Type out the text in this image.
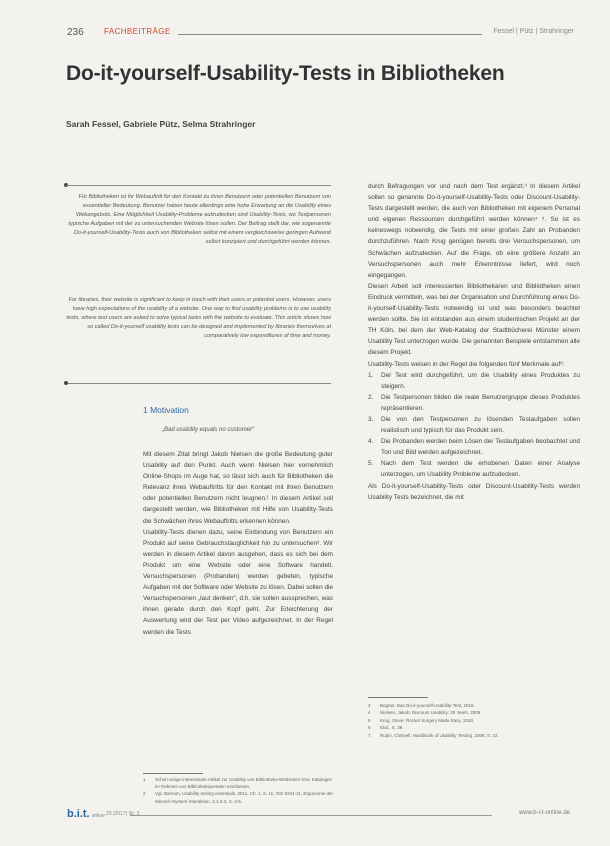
236	FACHBEITRÄGE	Fessel | Pütz | Strahringer
Do-it-yourself-Usability-Tests in Bibliotheken
Sarah Fessel, Gabriele Pütz, Selma Strahringer

Für Bibliotheken ist ihr Webauftritt für den Kontakt zu ihren Benutzern oder potentiellen Benutzern von essentieller Bedeutung. Benutzer haben heute allerdings eine hohe Erwartung an die Usability eines Webangebots. Eine Möglichkeit Usability-Probleme aufzudecken sind Usability-Tests, wo Testpersonen typische Aufgaben mit der zu untersuchenden Website lösen sollen. Der Beitrag stellt dar, wie sogenannte Do-it-yourself-Usability-Tests auch von Bibliotheken selbst mit einem vergleichsweise geringen Aufwand selbst konzipiert und durchgeführt werden können.

For libraries, their website is significant to keep in touch with their users or potential users. However, users have high expectations of the usability of a website. One way to find usability problems is to use usability tests, where test users are asked to solve typical tasks with the website to evaluate. This article shows how so called Do-it-yourself usability tests can be designed and implemented by libraries themselves at comparatively low expenditures of time and money.

1 Motivation
„Bad usability equals no customer“

Mit diesem Zitat bringt Jakob Nielsen die große Bedeutung guter Usability auf den Punkt. Auch wenn Nielsen hier vornehmlich Online-Shops im Auge hat, so lässt sich auch für Bibliotheken die Relevanz ihres Webauftritts für den Kontakt mit ihren Benutzern oder potentiellen Benutzern nicht leugnen.¹ In diesem Artikel soll dargestellt werden, wie Bibliotheken mit Hilfe von Usability-Tests die Schwächen ihres Webauftritts erkennen können.

Usability-Tests dienen dazu, seine Einbindung von Benutzern ein Produkt auf seine Gebrauchstauglichkeit hin zu untersuchen². Wir werden in diesem Artikel davon ausgehen, dass es sich bei dem Produkt um eine Website oder eine Software handelt. Versuchspersonen (Probanden) werden gebeten, typische Aufgaben mit der Software oder Website zu lösen. Dabei sollen die Versuchspersonen „laut denken“, d.h. sie sollen aussprechen, was ihnen gerade durch den Kopf geht. Zur Erleichterung der Auswertung wird der Test per Video aufgezeichnet. In der Regel werden die Tests

durch Befragungen vor und nach dem Test ergänzt.³ In diesem Artikel sollen so genannte Do-it-yourself-Usability-Tests oder Discount-Usability-Tests dargestellt werden, die auch von Bibliotheken mit eigenem Personal und eigenen Ressourcen durchgeführt werden können⁴ ⁵. So ist es keineswegs notwendig, die Tests mit einer großen Zahl an Probanden durchzuführen. Nach Krug genügen bereits drei Versuchspersonen, um Schwächen aufzudecken. Auf die Frage, ob eine größere Anzahl an Versuchspersonen auch mehr Erkenntnisse liefert, wird noch eingegangen.

Diesen Arbeit soll interessierten Bibliothekaren und Bibliotheken einen Eindruck vermitteln, was bei der Organisation und Durchführung eines Do-it-yourself-Usability-Tests notwendig ist und was besonders beachtet werden sollte. Sie ist entstanden aus einem studentischen Projekt an der TH Köln, bei dem der Web-Katalog der Stadtbücherei Münster einem Usability Test unterzogen wurde. Die genannten Beispiele entstammen alle diesem Projekt.

Usability-Tests weisen in der Regel die folgenden fünf Merkmale auf⁶:

1.	Der Test wird durchgeführt, um die Usability eines Produktes zu steigern.
2.	Die Testpersonen bilden die reale Benutzergruppe dieses Produktes repräsentieren.
3.	Die von den Testpersonen zu lösenden Testaufgaben sollen realistisch und typisch für das Produkt sein.
4.	Die Probanden werden beim Lösen der Testaufgaben beobachtet und Ton und Bild werden aufgezeichnet.
5.	Nach dem Test werden die erhobenen Daten einer Analyse unterzogen, um Usability Probleme aufzudecken.

Als Do-it-yourself-Usability-Tests oder Discount-Usability-Tests werden Usability Tests bezeichnet, die mit

1	Schon einige interessante Artikel zur Usability von Bibliotheks-Webseiten bzw. Katalogen im Rahmen von Bibliotheksportalen erschienen.
2	Vgl. Barnum, Usability testing essentials, 2011, Ch. 1, S. 11; ISO 9241-11, Ergonomie der Mensch-System-Interaktion, 2.1-2.3, S. 4-5.
3	Bogner, Das Do-it-yourself-Usability-Test, 2015.
4	Nielsen, Jakob: Discount Usability: 20 Years, 2009.
5	Krug, Steve: Rocket Surgery Made Easy, 2010.
6	Ebd., S. 39.
7	Rubin, Chisnell: Handbook of Usability Testing, 2008, S. 22.
b.i.t. online 20 (2017) Nr. 3	www.b-i-t-online.de
